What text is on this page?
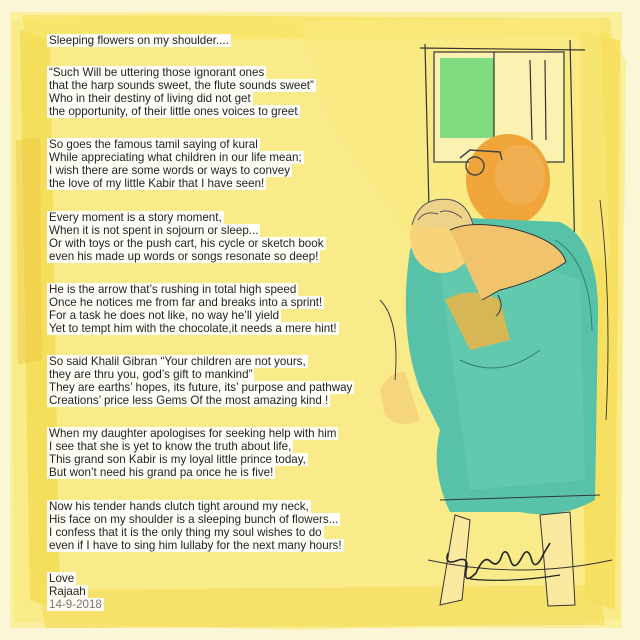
Sleeping flowers on my shoulder....
“Such Will be uttering those ignorant ones
that the harp sounds sweet, the flute sounds sweet”
Who in their destiny of living did not get
the opportunity, of their little ones voices to greet
So goes the famous tamil saying of kural
While appreciating what children in our life mean;
I wish there are some words or ways to convey
the love of my little Kabir that I have seen!
Every moment is a story moment,
When it is not spent in sojourn or sleep...
Or with toys or the push cart, his cycle or sketch book
even his made up words or songs resonate so deep!
He is the arrow that’s rushing in total high speed
Once he notices me from far and breaks into a sprint!
For a task he does not like, no way he’ll yield
Yet to tempt him with the chocolate,it needs a mere hint!
So said Khalil Gibran “Your children are not yours,
they are thru you, god’s gift to mankind”
They are earths’ hopes, its future, its’ purpose and pathway
Creations’ price less Gems Of the most amazing kind !
When my daughter apologises for seeking help with him
I see that she is yet to know the truth about life,
This grand son Kabir is my loyal little prince today,
But won’t need his grand pa once he is five!
Now his tender hands clutch tight around my neck,
His face on my shoulder is a sleeping bunch of flowers...
I confess that it is the only thing my soul wishes to do
even if I have to sing him lullaby for the next many hours!
Love
Rajaah
14-9-2018
